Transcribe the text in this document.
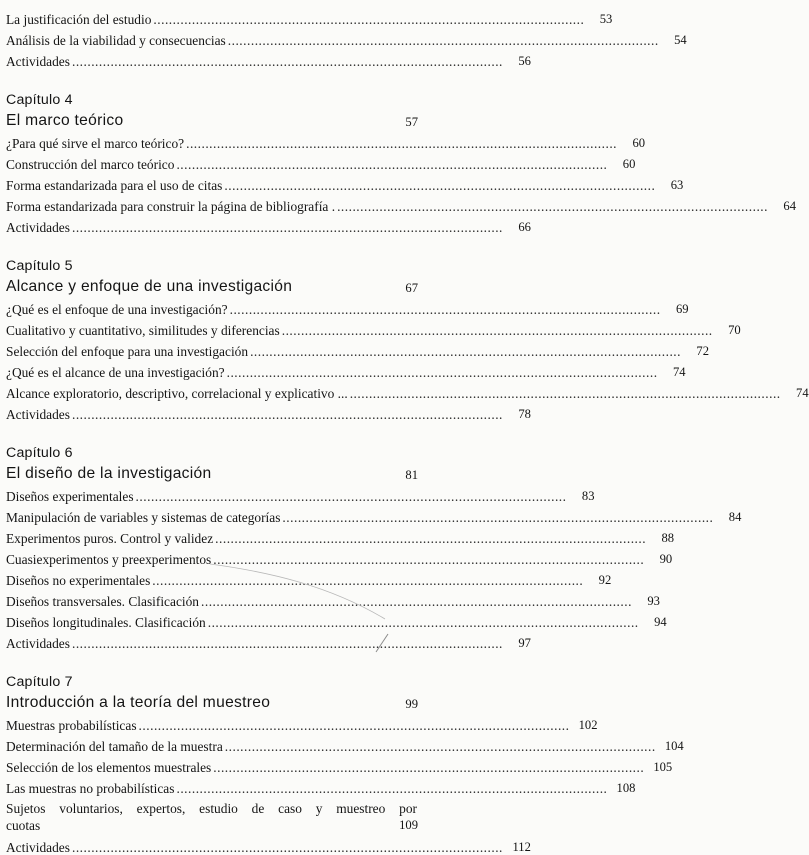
La justificación del estudio ................................................................................................................	53
Análisis de la viabilidad y consecuencias ................................................................................................................	54
Actividades ................................................................................................................	56
Capítulo 4
El marco teórico	57
¿Para qué sirve el marco teórico? ................................................................................................................	60
Construcción del marco teórico ................................................................................................................	60
Forma estandarizada para el uso de citas ................................................................................................................	63
Forma estandarizada para construir la página de bibliografía . ................................................................................................................	64
Actividades ................................................................................................................	66
Capítulo 5
Alcance y enfoque de una investigación	67
¿Qué es el enfoque de una investigación? ................................................................................................................	69
Cualitativo y cuantitativo, similitudes y diferencias ................................................................................................................	70
Selección del enfoque para una investigación ................................................................................................................	72
¿Qué es el alcance de una investigación? ................................................................................................................	74
Alcance exploratorio, descriptivo, correlacional y explicativo ... ................................................................................................................	74
Actividades ................................................................................................................	78
Capítulo 6
El diseño de la investigación	81
Diseños experimentales ................................................................................................................	83
Manipulación de variables y sistemas de categorías ................................................................................................................	84
Experimentos puros. Control y validez ................................................................................................................	88
Cuasiexperimentos y preexperimentos ................................................................................................................	90
Diseños no experimentales ................................................................................................................	92
Diseños transversales. Clasificación ................................................................................................................	93
Diseños longitudinales. Clasificación ................................................................................................................	94
Actividades ................................................................................................................	97
Capítulo 7
Introducción a la teoría del muestreo	99
Muestras probabilísticas ................................................................................................................ 102
Determinación del tamaño de la muestra ................................................................................................................ 104
Selección de los elementos muestrales ................................................................................................................ 105
Las muestras no probabilísticas ................................................................................................................ 108
Sujetos voluntarios, expertos, estudio de caso y muestreo por
cuotas	109
Actividades ................................................................................................................ 112
